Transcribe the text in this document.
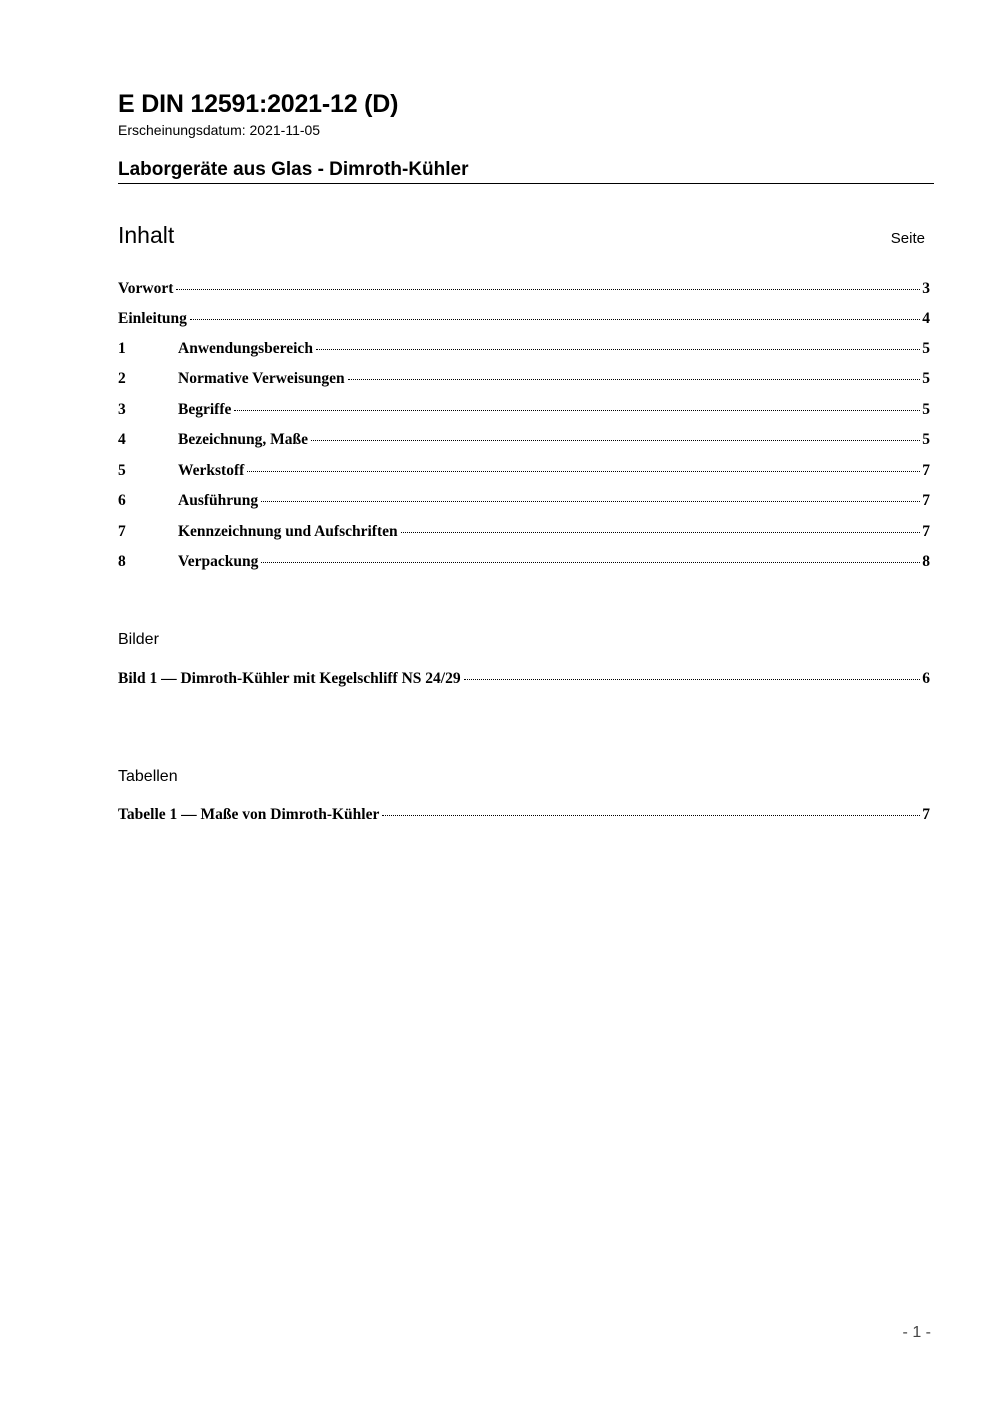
E DIN 12591:2021-12 (D)
Erscheinungsdatum: 2021-11-05
Laborgeräte aus Glas - Dimroth-Kühler
Inhalt	Seite
Vorwort	3
Einleitung	4
1	Anwendungsbereich	5
2	Normative Verweisungen	5
3	Begriffe	5
4	Bezeichnung, Maße	5
5	Werkstoff	7
6	Ausführung	7
7	Kennzeichnung und Aufschriften	7
8	Verpackung	8
Bilder
Bild 1 — Dimroth-Kühler mit Kegelschliff NS 24/29	6
Tabellen
Tabelle 1 — Maße von Dimroth-Kühler	7
- 1 -
